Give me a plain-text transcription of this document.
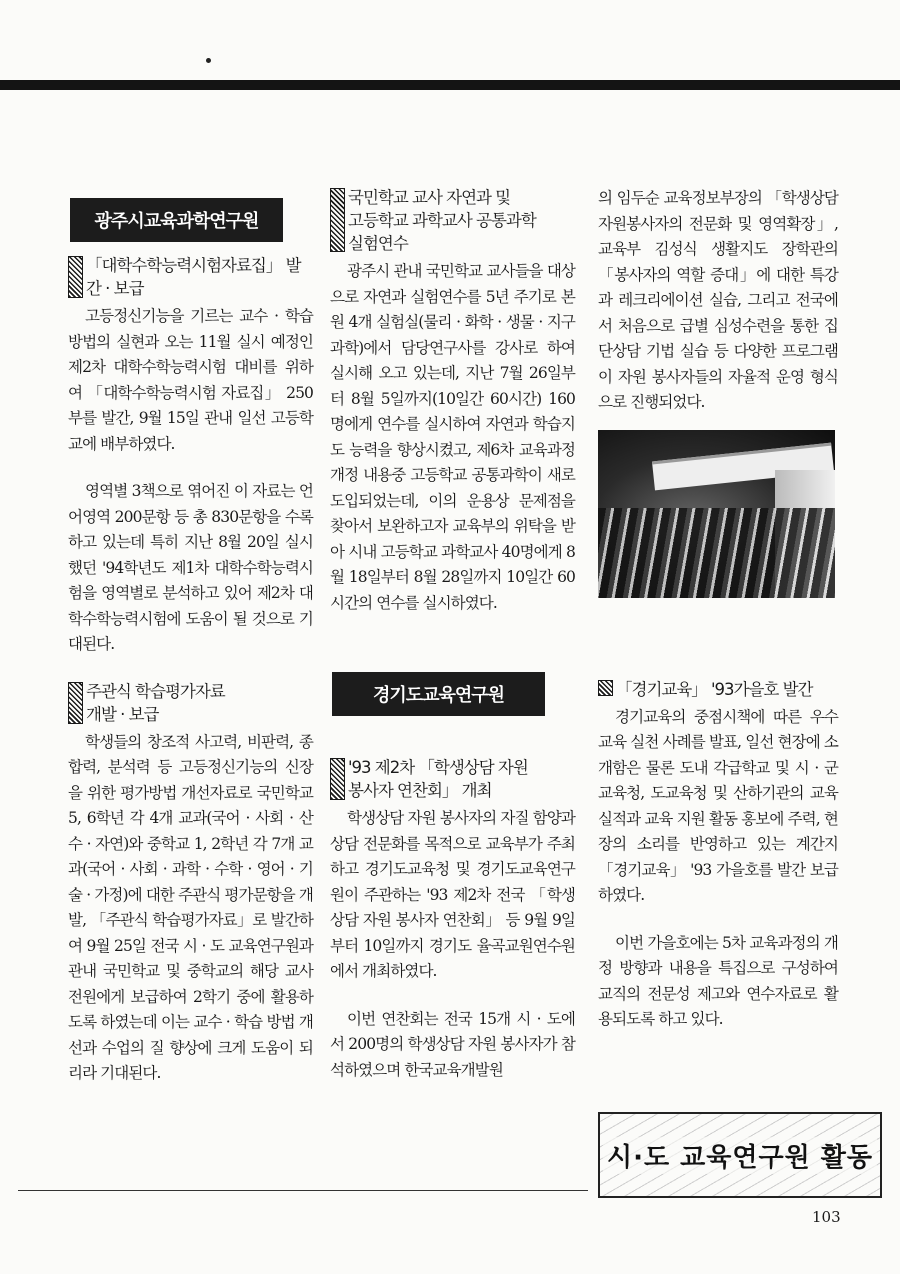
광주시교육과학연구원
「대학수학능력시험자료집」 발
간 · 보급

고등정신기능을 기르는 교수 · 학습방법의 실현과 오는 11월 실시 예정인 제2차 대학수학능력시험 대비를 위하여 「대학수학능력시험 자료집」 250부를 발간, 9월 15일 관내 일선 고등학교에 배부하였다.

영역별 3책으로 엮어진 이 자료는 언어영역 200문항 등 총 830문항을 수록하고 있는데 특히 지난 8월 20일 실시했던 '94학년도 제1차 대학수학능력시험을 영역별로 분석하고 있어 제2차 대학수학능력시험에 도움이 될 것으로 기대된다.

주관식 학습평가자료
개발 · 보급

학생들의 창조적 사고력, 비판력, 종합력, 분석력 등 고등정신기능의 신장을 위한 평가방법 개선자료로 국민학교 5, 6학년 각 4개 교과(국어 · 사회 · 산수 · 자연)와 중학교 1, 2학년 각 7개 교과(국어 · 사회 · 과학 · 수학 · 영어 · 기술 · 가정)에 대한 주관식 평가문항을 개발, 「주관식 학습평가자료」로 발간하여 9월 25일 전국 시 · 도 교육연구원과 관내 국민학교 및 중학교의 해당 교사 전원에게 보급하여 2학기 중에 활용하도록 하였는데 이는 교수 · 학습 방법 개선과 수업의 질 향상에 크게 도움이 되리라 기대된다.

국민학교 교사 자연과 및
고등학교 과학교사 공통과학
실험연수

광주시 관내 국민학교 교사들을 대상으로 자연과 실험연수를 5년 주기로 본원 4개 실험실(물리 · 화학 · 생물 · 지구과학)에서 담당연구사를 강사로 하여 실시해 오고 있는데, 지난 7월 26일부터 8월 5일까지(10일간 60시간) 160명에게 연수를 실시하여 자연과 학습지도 능력을 향상시켰고, 제6차 교육과정 개정 내용중 고등학교 공통과학이 새로 도입되었는데, 이의 운용상 문제점을 찾아서 보완하고자 교육부의 위탁을 받아 시내 고등학교 과학교사 40명에게 8월 18일부터 8월 28일까지 10일간 60시간의 연수를 실시하였다.

경기도교육연구원
'93 제2차 「학생상담 자원
봉사자 연찬회」 개최

학생상담 자원 봉사자의 자질 함양과 상담 전문화를 목적으로 교육부가 주최하고 경기도교육청 및 경기도교육연구원이 주관하는 '93 제2차 전국 「학생상담 자원 봉사자 연찬회」 등 9월 9일부터 10일까지 경기도 율곡교원연수원에서 개최하였다.

이번 연찬회는 전국 15개 시 · 도에서 200명의 학생상담 자원 봉사자가 참석하였으며 한국교육개발원

의 임두순 교육정보부장의 「학생상담 자원봉사자의 전문화 및 영역확장」, 교육부 김성식 생활지도 장학관의 「봉사자의 역할 증대」에 대한 특강과 레크리에이션 실습, 그리고 전국에서 처음으로 급별 심성수련을 통한 집단상담 기법 실습 등 다양한 프로그램이 자원 봉사자들의 자율적 운영 형식으로 진행되었다.

「경기교육」 '93가을호 발간

경기교육의 중점시책에 따른 우수교육 실천 사례를 발표, 일선 현장에 소개함은 물론 도내 각급학교 및 시 · 군 교육청, 도교육청 및 산하기관의 교육 실적과 교육 지원 활동 홍보에 주력, 현장의 소리를 반영하고 있는 계간지 「경기교육」 '93 가을호를 발간 보급하였다.

이번 가을호에는 5차 교육과정의 개정 방향과 내용을 특집으로 구성하여 교직의 전문성 제고와 연수자료로 활용되도록 하고 있다.

시·도 교육연구원 활동
103
